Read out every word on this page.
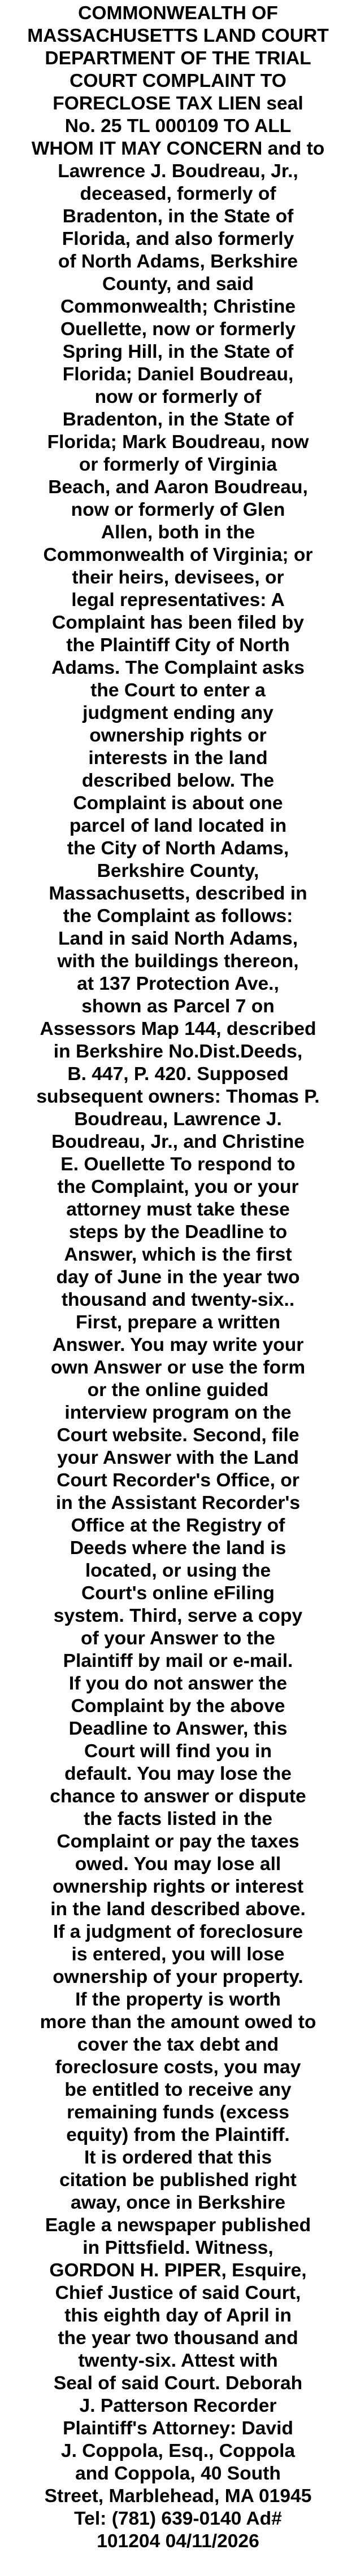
COMMONWEALTH OF
MASSACHUSETTS LAND COURT
DEPARTMENT OF THE TRIAL
COURT COMPLAINT TO
FORECLOSE TAX LIEN seal
No. 25 TL 000109 TO ALL
WHOM IT MAY CONCERN and to
Lawrence J. Boudreau, Jr.,
deceased, formerly of
Bradenton, in the State of
Florida, and also formerly
of North Adams, Berkshire
County, and said
Commonwealth; Christine
Ouellette, now or formerly
Spring Hill, in the State of
Florida; Daniel Boudreau,
now or formerly of
Bradenton, in the State of
Florida; Mark Boudreau, now
or formerly of Virginia
Beach, and Aaron Boudreau,
now or formerly of Glen
Allen, both in the
Commonwealth of Virginia; or
their heirs, devisees, or
legal representatives: A
Complaint has been filed by
the Plaintiff City of North
Adams. The Complaint asks
the Court to enter a
judgment ending any
ownership rights or
interests in the land
described below. The
Complaint is about one
parcel of land located in
the City of North Adams,
Berkshire County,
Massachusetts, described in
the Complaint as follows:
Land in said North Adams,
with the buildings thereon,
at 137 Protection Ave.,
shown as Parcel 7 on
Assessors Map 144, described
in Berkshire No.Dist.Deeds,
B. 447, P. 420. Supposed
subsequent owners: Thomas P.
Boudreau, Lawrence J.
Boudreau, Jr., and Christine
E. Ouellette To respond to
the Complaint, you or your
attorney must take these
steps by the Deadline to
Answer, which is the first
day of June in the year two
thousand and twenty-six..
First, prepare a written
Answer. You may write your
own Answer or use the form
or the online guided
interview program on the
Court website. Second, file
your Answer with the Land
Court Recorder's Office, or
in the Assistant Recorder's
Office at the Registry of
Deeds where the land is
located, or using the
Court's online eFiling
system. Third, serve a copy
of your Answer to the
Plaintiff by mail or e-mail.
If you do not answer the
Complaint by the above
Deadline to Answer, this
Court will find you in
default. You may lose the
chance to answer or dispute
the facts listed in the
Complaint or pay the taxes
owed. You may lose all
ownership rights or interest
in the land described above.
If a judgment of foreclosure
is entered, you will lose
ownership of your property.
If the property is worth
more than the amount owed to
cover the tax debt and
foreclosure costs, you may
be entitled to receive any
remaining funds (excess
equity) from the Plaintiff.
It is ordered that this
citation be published right
away, once in Berkshire
Eagle a newspaper published
in Pittsfield. Witness,
GORDON H. PIPER, Esquire,
Chief Justice of said Court,
this eighth day of April in
the year two thousand and
twenty-six. Attest with
Seal of said Court. Deborah
J. Patterson Recorder
Plaintiff's Attorney: David
J. Coppola, Esq., Coppola
and Coppola, 40 South
Street, Marblehead, MA 01945
Tel: (781) 639-0140 Ad#
101204 04/11/2026
